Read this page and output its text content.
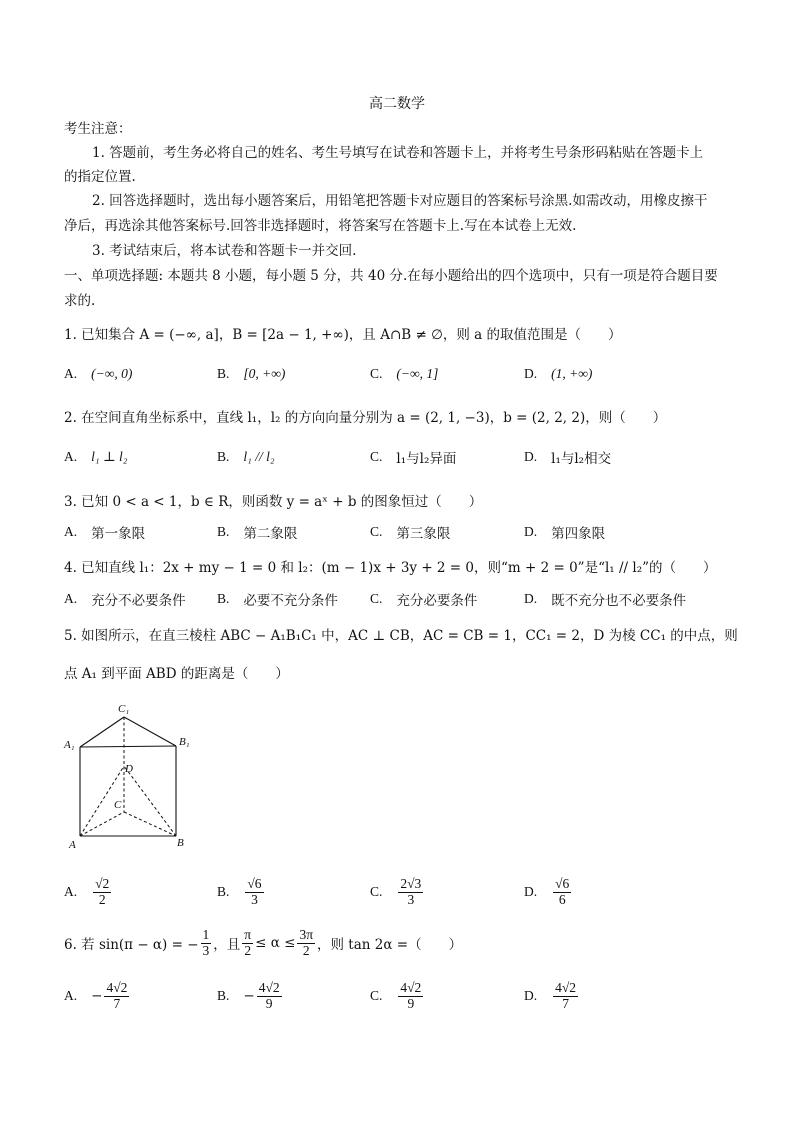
高二数学
考生注意：
1. 答题前，考生务必将自己的姓名、考生号填写在试卷和答题卡上，并将考生号条形码粘贴在答题卡上
的指定位置.
2. 回答选择题时，选出每小题答案后，用铅笔把答题卡对应题目的答案标号涂黑.如需改动，用橡皮擦干
净后，再选涂其他答案标号.回答非选择题时，将答案写在答题卡上.写在本试卷上无效.
3. 考试结束后，将本试卷和答题卡一并交回.
一、单项选择题: 本题共 8 小题，每小题 5 分，共 40 分.在每小题给出的四个选项中，只有一项是符合题目要
求的.
1. 已知集合 A = (−∞, a]，B = [2a − 1, +∞)，且 A∩B ≠ ∅，则 a 的取值范围是（　　）
A. (−∞, 0)	B. [0, +∞)	C. (−∞, 1]	D. (1, +∞)
2. 在空间直角坐标系中，直线 l₁，l₂ 的方向向量分别为 a = (2, 1, −3)，b = (2, 2, 2)，则（　　）
A. l₁ ⊥ l₂	B. l₁ // l₂	C. l₁与l₂异面	D. l₁与l₂相交
3. 已知 0 < a < 1，b ∈ R，则函数 y = aˣ + b 的图象恒过（　　）
A. 第一象限	B. 第二象限	C. 第三象限	D. 第四象限
4. 已知直线 l₁：2x + my − 1 = 0 和 l₂：(m − 1)x + 3y + 2 = 0，则“m + 2 = 0”是“l₁ // l₂”的（　　）
A. 充分不必要条件 B. 必要不充分条件 C. 充分必要条件	D. 既不充分也不必要条件
5. 如图所示，在直三棱柱 ABC − A₁B₁C₁ 中，AC ⊥ CB，AC = CB = 1，CC₁ = 2，D 为棱 CC₁ 的中点，则
点 A₁ 到平面 ABD 的距离是（　　）
C₁
A₁	B₁
D
C
A	B
A. $\frac{√2}{2}$	B. $\frac{√6}{3}$	C. $\frac{2√3}{3}$	D. $\frac{√6}{6}$
6. 若 sin(π − α) = − $\frac{1}{3}$ ，且 $\frac{\pi}{2} \le \alpha \le \frac{3\pi}{2}$ ，则 tan 2α =（　　）
A. − $\frac{4√2}{7}$	B. − $\frac{4√2}{9}$	C. $\frac{4√2}{9}$	D. $\frac{4√2}{7}$
